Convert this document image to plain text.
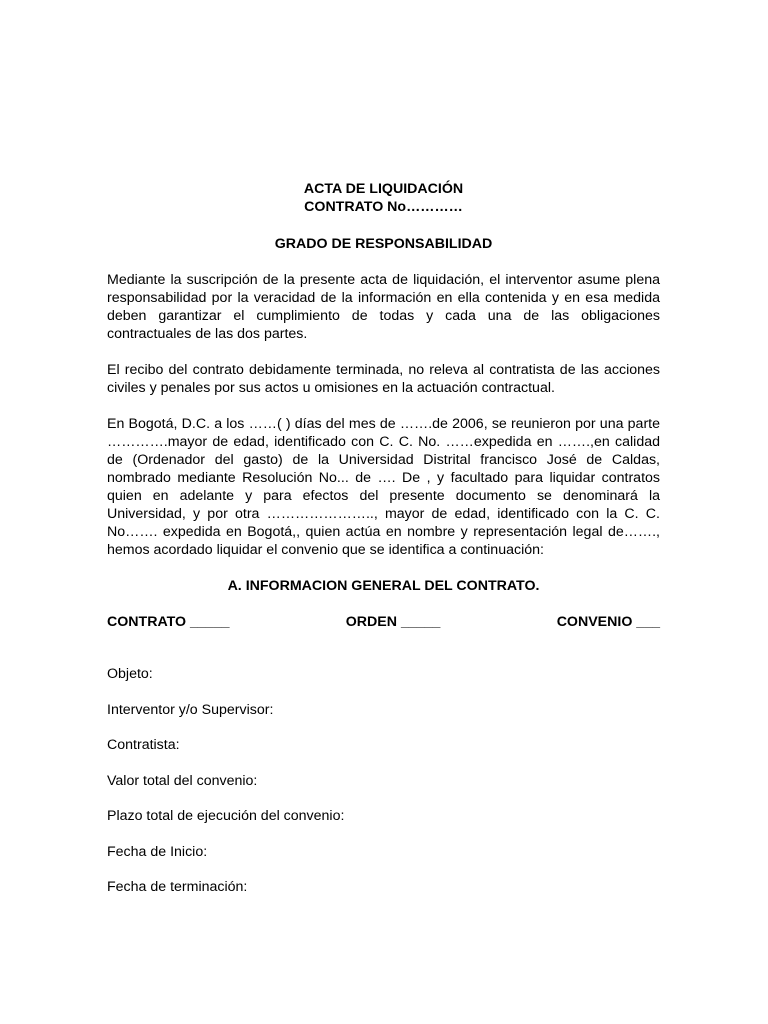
ACTA DE LIQUIDACIÓN
CONTRATO No…………
GRADO DE RESPONSABILIDAD

Mediante la suscripción de la presente acta de liquidación, el interventor asume plena responsabilidad por la veracidad de la información en ella contenida y en esa medida deben garantizar el cumplimiento de todas y cada una de las obligaciones contractuales de las dos partes.

El recibo del contrato debidamente terminada, no releva al contratista de las acciones civiles y penales por sus actos u omisiones en la actuación contractual.

En Bogotá, D.C. a los ……( ) días del mes de …….de 2006, se reunieron por una parte ………….mayor de edad, identificado con C. C. No. ……expedida en …….,en calidad de (Ordenador del gasto) de la Universidad Distrital francisco José de Caldas, nombrado mediante Resolución No... de …. De , y facultado para liquidar contratos quien en adelante y para efectos del presente documento se denominará la Universidad, y por otra ………………….., mayor de edad, identificado con la C. C. No……. expedida en Bogotá,, quien actúa en nombre y representación legal de……., hemos acordado liquidar el convenio que se identifica a continuación:

A. INFORMACION GENERAL DEL CONTRATO.
CONTRATO _____	ORDEN _____	CONVENIO ___
Objeto:
Interventor y/o Supervisor:
Contratista:
Valor total del convenio:
Plazo total de ejecución del convenio:
Fecha de Inicio:
Fecha de terminación:
